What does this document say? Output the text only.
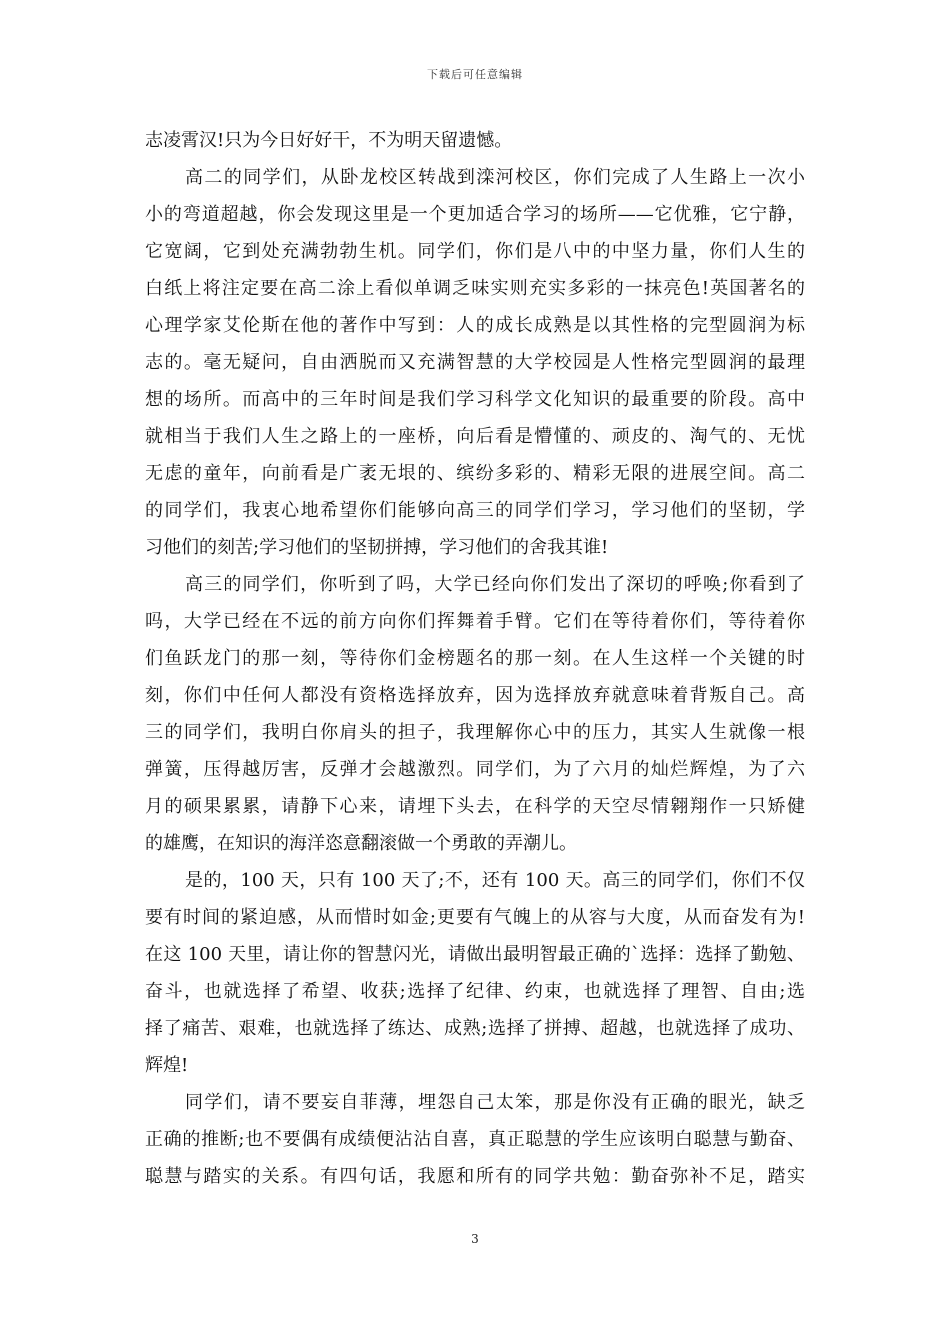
下载后可任意编辑
志凌霄汉!只为今日好好干，不为明天留遗憾。
高二的同学们，从卧龙校区转战到滦河校区，你们完成了人生路上一次小
小的弯道超越，你会发现这里是一个更加适合学习的场所——它优雅，它宁静，
它宽阔，它到处充满勃勃生机。同学们，你们是八中的中坚力量，你们人生的
白纸上将注定要在高二涂上看似单调乏味实则充实多彩的一抹亮色!英国著名的
心理学家艾伦斯在他的著作中写到：人的成长成熟是以其性格的完型圆润为标
志的。毫无疑问，自由洒脱而又充满智慧的大学校园是人性格完型圆润的最理
想的场所。而高中的三年时间是我们学习科学文化知识的最重要的阶段。高中
就相当于我们人生之路上的一座桥，向后看是懵懂的、顽皮的、淘气的、无忧
无虑的童年，向前看是广袤无垠的、缤纷多彩的、精彩无限的进展空间。高二
的同学们，我衷心地希望你们能够向高三的同学们学习，学习他们的坚韧，学
习他们的刻苦;学习他们的坚韧拼搏，学习他们的舍我其谁!
高三的同学们，你听到了吗，大学已经向你们发出了深切的呼唤;你看到了
吗，大学已经在不远的前方向你们挥舞着手臂。它们在等待着你们，等待着你
们鱼跃龙门的那一刻，等待你们金榜题名的那一刻。在人生这样一个关键的时
刻，你们中任何人都没有资格选择放弃，因为选择放弃就意味着背叛自己。高
三的同学们，我明白你肩头的担子，我理解你心中的压力，其实人生就像一根
弹簧，压得越厉害，反弹才会越激烈。同学们，为了六月的灿烂辉煌，为了六
月的硕果累累，请静下心来，请埋下头去，在科学的天空尽情翱翔作一只矫健
的雄鹰，在知识的海洋恣意翻滚做一个勇敢的弄潮儿。
是的，100 天，只有 100 天了;不，还有 100 天。高三的同学们，你们不仅
要有时间的紧迫感，从而惜时如金;更要有气魄上的从容与大度，从而奋发有为!
在这 100 天里，请让你的智慧闪光，请做出最明智最正确的`选择：选择了勤勉、
奋斗，也就选择了希望、收获;选择了纪律、约束，也就选择了理智、自由;选
择了痛苦、艰难，也就选择了练达、成熟;选择了拼搏、超越，也就选择了成功、
辉煌!
同学们，请不要妄自菲薄，埋怨自己太笨，那是你没有正确的眼光，缺乏
正确的推断;也不要偶有成绩便沾沾自喜，真正聪慧的学生应该明白聪慧与勤奋、
聪慧与踏实的关系。有四句话，我愿和所有的同学共勉：勤奋弥补不足，踏实
3
